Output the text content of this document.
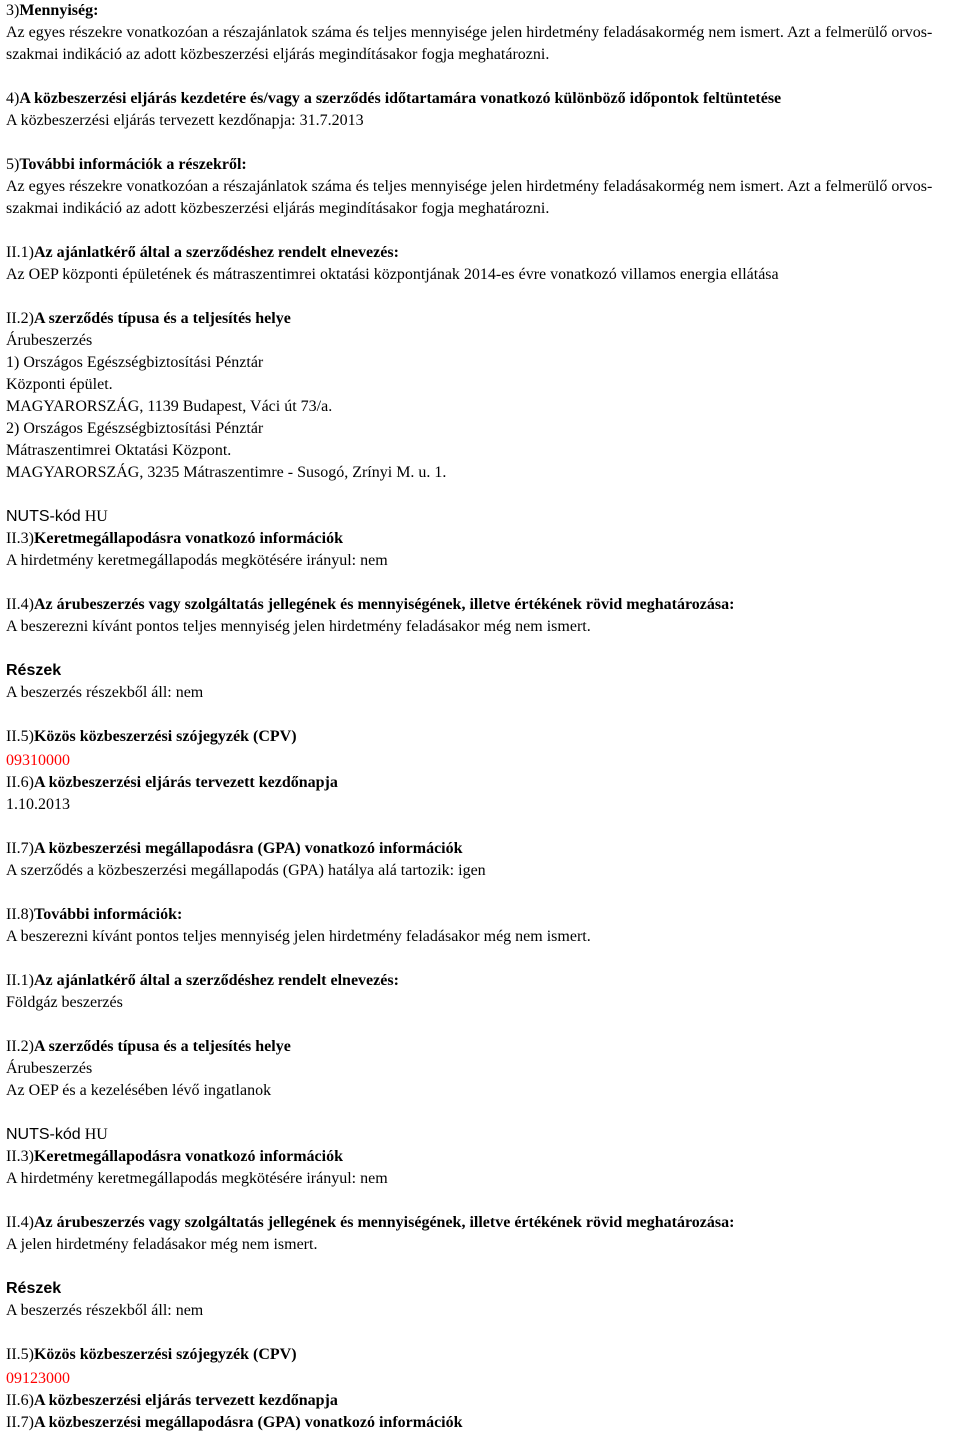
3)Mennyiség:
Az egyes részekre vonatkozóan a részajánlatok száma és teljes mennyisége jelen hirdetmény feladásakormég nem ismert. Azt a felmerülő orvos-szakmai indikáció az adott közbeszerzési eljárás megindításakor fogja meghatározni.
4)A közbeszerzési eljárás kezdetére és/vagy a szerződés időtartamára vonatkozó különböző időpontok feltüntetése
A közbeszerzési eljárás tervezett kezdőnapja: 31.7.2013
5)További információk a részekről:
Az egyes részekre vonatkozóan a részajánlatok száma és teljes mennyisége jelen hirdetmény feladásakormég nem ismert. Azt a felmerülő orvos-szakmai indikáció az adott közbeszerzési eljárás megindításakor fogja meghatározni.
II.1)Az ajánlatkérő által a szerződéshez rendelt elnevezés:
Az OEP központi épületének és mátraszentimrei oktatási központjának 2014-es évre vonatkozó villamos energia ellátása
II.2)A szerződés típusa és a teljesítés helye
Árubeszerzés
1) Országos Egészségbiztosítási Pénztár
Központi épület.
MAGYARORSZÁG, 1139 Budapest, Váci út 73/a.
2) Országos Egészségbiztosítási Pénztár
Mátraszentimrei Oktatási Központ.
MAGYARORSZÁG, 3235 Mátraszentimre - Susogó, Zrínyi M. u. 1.
NUTS-kód HU
II.3)Keretmegállapodásra vonatkozó információk
A hirdetmény keretmegállapodás megkötésére irányul: nem
II.4)Az árubeszerzés vagy szolgáltatás jellegének és mennyiségének, illetve értékének rövid meghatározása:
A beszerezni kívánt pontos teljes mennyiség jelen hirdetmény feladásakor még nem ismert.
Részek
A beszerzés részekből áll: nem
II.5)Közös közbeszerzési szójegyzék (CPV)
09310000
II.6)A közbeszerzési eljárás tervezett kezdőnapja
1.10.2013
II.7)A közbeszerzési megállapodásra (GPA) vonatkozó információk
A szerződés a közbeszerzési megállapodás (GPA) hatálya alá tartozik: igen
II.8)További információk:
A beszerezni kívánt pontos teljes mennyiség jelen hirdetmény feladásakor még nem ismert.
II.1)Az ajánlatkérő által a szerződéshez rendelt elnevezés:
Földgáz beszerzés
II.2)A szerződés típusa és a teljesítés helye
Árubeszerzés
Az OEP és a kezelésében lévő ingatlanok
NUTS-kód HU
II.3)Keretmegállapodásra vonatkozó információk
A hirdetmény keretmegállapodás megkötésére irányul: nem
II.4)Az árubeszerzés vagy szolgáltatás jellegének és mennyiségének, illetve értékének rövid meghatározása:
A jelen hirdetmény feladásakor még nem ismert.
Részek
A beszerzés részekből áll: nem
II.5)Közös közbeszerzési szójegyzék (CPV)
09123000
II.6)A közbeszerzési eljárás tervezett kezdőnapja
II.7)A közbeszerzési megállapodásra (GPA) vonatkozó információk
